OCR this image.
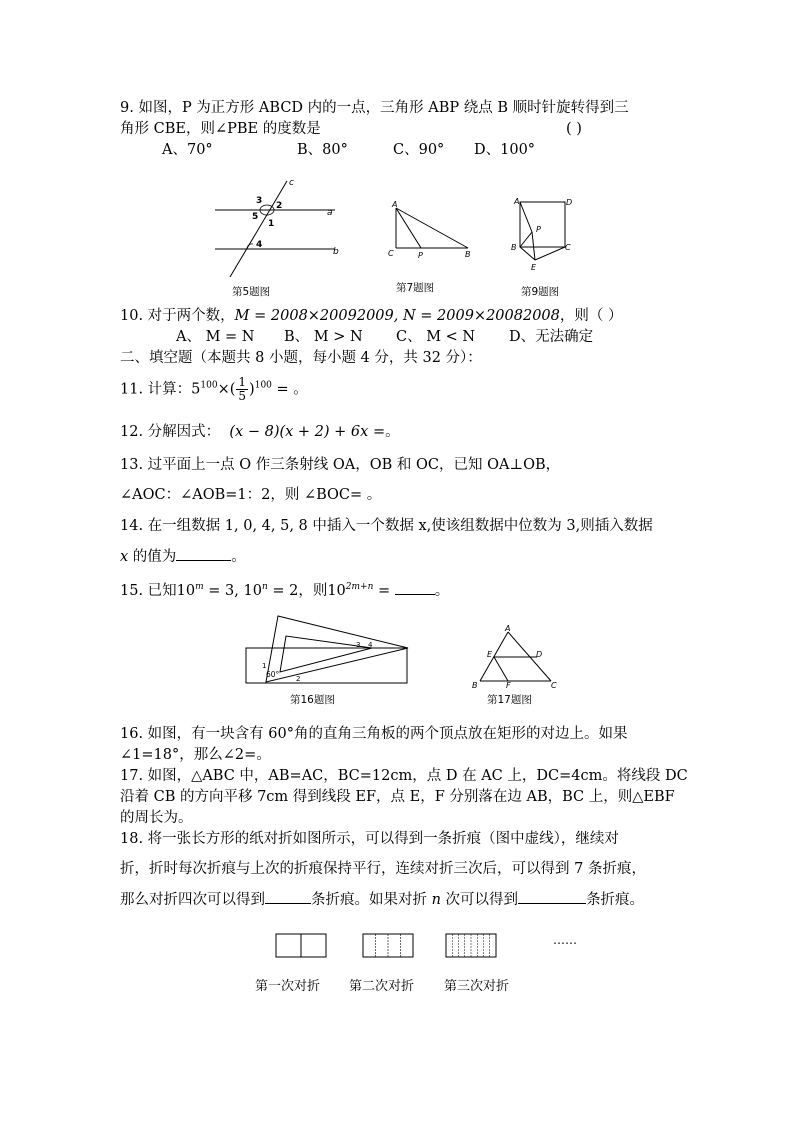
9. 如图，P 为正方形 ABCD 内的一点，三角形 ABP 绕点 B 顺时针旋转得到三
角形 CBE，则∠PBE 的度数是	( )
A、70°	B、80°	C、90° D、100°
c
3 2
5
1
a
4
b
第5题图
A
C	P	B
第7题图
A	D
P
B	C
E
第9题图
10. 对于两个数，M = 2008×20092009, N = 2009×20082008，则（ ）
A、 M = N B、 M > N C、 M < N D、无法确定
二、填空题（本题共 8 小题，每小题 4 分，共 32 分）：
11. 计算：$5^{100}\times( \frac{1}{5} )^{100}$ = 。
12. 分解因式： (x − 8)(x + 2) + 6x =。
13. 过平面上一点 O 作三条射线 OA，OB 和 OC，已知 OA⊥OB，
∠AOC：∠AOB=1：2，则 ∠BOC= 。
14. 在一组数据 1, 0, 4, 5, 8 中插入一个数据 x,使该组数据中位数为 3,则插入数据
x 的值为	。
15. 已知$10^m = 3$, $10^n = 2$，则$10^{2m+n}$ =	。
60°
1
2
3 4
第16题图
A
E	D
B	F	C
第17题图
16. 如图，有一块含有 60°角的直角三角板的两个顶点放在矩形的对边上。如果
∠1=18°，那么∠2=。
17. 如图，△ABC 中，AB=AC，BC=12cm，点 D 在 AC 上，DC=4cm。将线段 DC
沿着 CB 的方向平移 7cm 得到线段 EF，点 E，F 分别落在边 AB，BC 上，则△EBF
的周长为。
18. 将一张长方形的纸对折如图所示，可以得到一条折痕（图中虚线），继续对
折，折时每次折痕与上次的折痕保持平行，连续对折三次后，可以得到 7 条折痕，
那么对折四次可以得到	条折痕。如果对折 n 次可以得到	条折痕。
……
第一次对折 第二次对折 第三次对折
